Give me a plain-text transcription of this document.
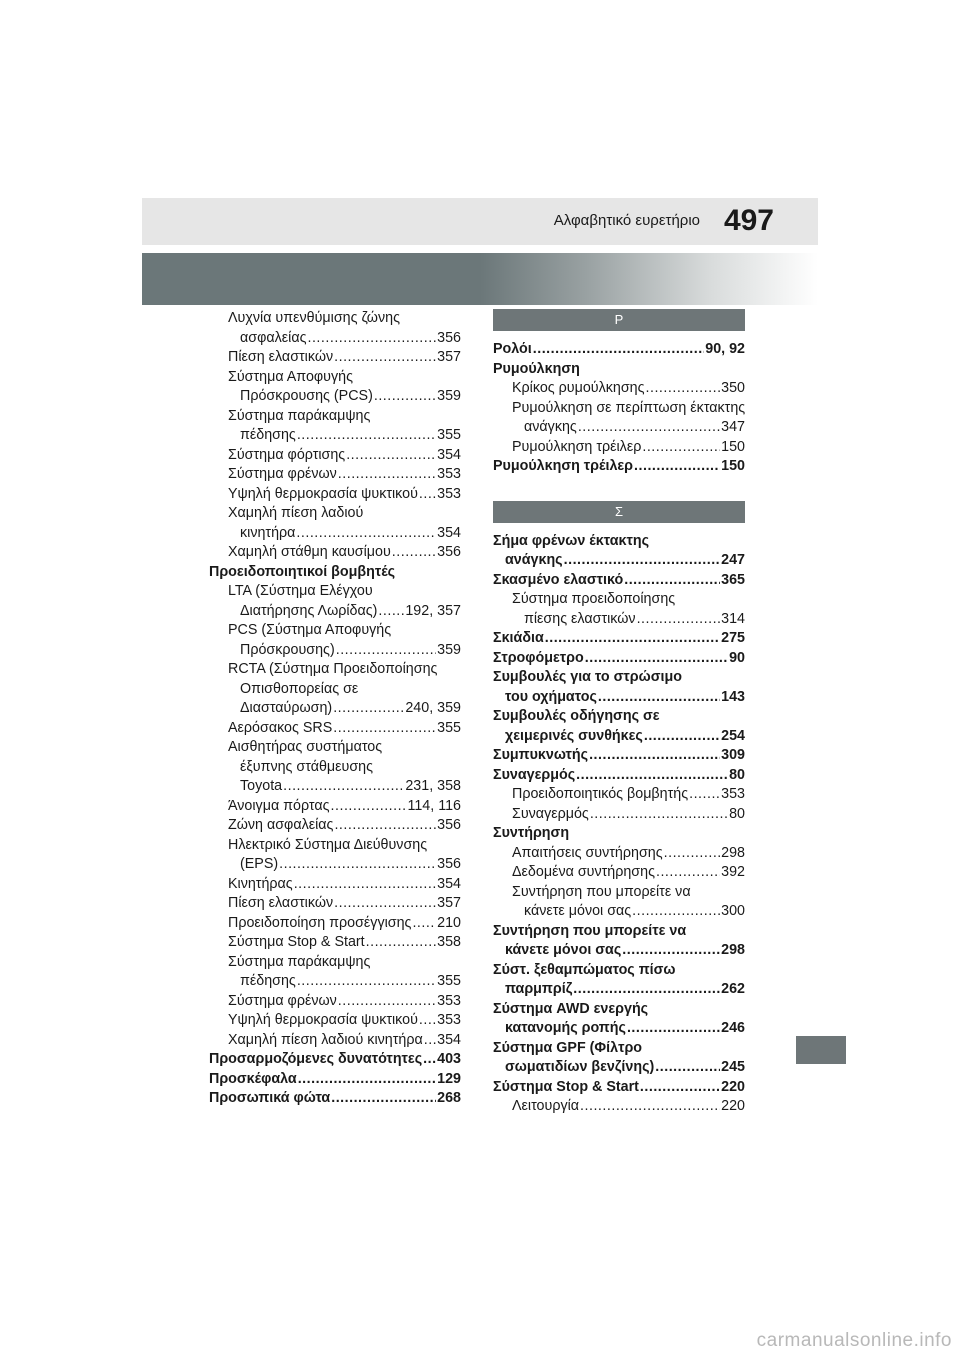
Αλφαβητικό ευρετήριο 497
Λυχνία υπενθύμισης ζώνης
ασφαλείας .....	356
Πίεση ελαστικών .....	357
Σύστημα Αποφυγής
Πρόσκρουσης (PCS) .....	359
Σύστημα παράκαμψης
πέδησης .....	355
Σύστημα φόρτισης .....	354
Σύστημα φρένων .....	353
Υψηλή θερμοκρασία ψυκτικού ..... 353
Χαμηλή πίεση λαδιού
κινητήρα .....	354
Χαμηλή στάθμη καυσίμου .....	356
Προειδοποιητικοί βομβητές
LTA (Σύστημα Ελέγχου
Διατήρησης Λωρίδας) ..... 192, 357
PCS (Σύστημα Αποφυγής
Πρόσκρουσης) .....	359
RCTA (Σύστημα Προειδοποίησης
Οπισθοπορείας σε
Διασταύρωση) .....	240, 359
Αερόσακος SRS .....	355
Αισθητήρας συστήματος
έξυπνης στάθμευσης
Toyota .....	231, 358
Άνοιγμα πόρτας .....	114, 116
Ζώνη ασφαλείας .....	356
Ηλεκτρικό Σύστημα Διεύθυνσης
(EPS) .....	356
Κινητήρας .....	354
Πίεση ελαστικών .....	357
Προειδοποίηση προσέγγισης ..... 210
Σύστημα Stop & Start .....	358
Σύστημα παράκαμψης
πέδησης .....	355
Σύστημα φρένων .....	353
Υψηλή θερμοκρασία ψυκτικού ..... 353
Χαμηλή πίεση λαδιού κινητήρα ..... 354
Προσαρμοζόμενες δυνατότητες ..... 403
Προσκέφαλα .....	129
Προσωπικά φώτα .....	268
Ρ
Ρολόι .....	90, 92
Ρυμούλκηση
Κρίκος ρυμούλκησης .....	350
Ρυμούλκηση σε περίπτωση έκτακτης
ανάγκης .....	347
Ρυμούλκηση τρέιλερ .....	150
Ρυμούλκηση τρέιλερ .....	150
Σ
Σήμα φρένων έκτακτης
ανάγκης .....	247
Σκασμένο ελαστικό .....	365
Σύστημα προειδοποίησης
πίεσης ελαστικών .....	314
Σκιάδια .....	275
Στροφόμετρο .....	90
Συμβουλές για το στρώσιμο
του οχήματος .....	143
Συμβουλές οδήγησης σε
χειμερινές συνθήκες .....	254
Συμπυκνωτής .....	309
Συναγερμός .....	80
Προειδοποιητικός βομβητής ..... 353
Συναγερμός .....	80
Συντήρηση
Απαιτήσεις συντήρησης .....	298
Δεδομένα συντήρησης .....	392
Συντήρηση που μπορείτε να
κάνετε μόνοι σας .....	300
Συντήρηση που μπορείτε να
κάνετε μόνοι σας .....	298
Σύστ. ξεθαμπώματος πίσω
παρμπρίζ .....	262
Σύστημα AWD ενεργής
κατανομής ροπής .....	246
Σύστημα GPF (Φίλτρο
σωματιδίων βενζίνης) .....	245
Σύστημα Stop & Start .....	220
Λειτουργία .....	220
carmanualsonline.info
